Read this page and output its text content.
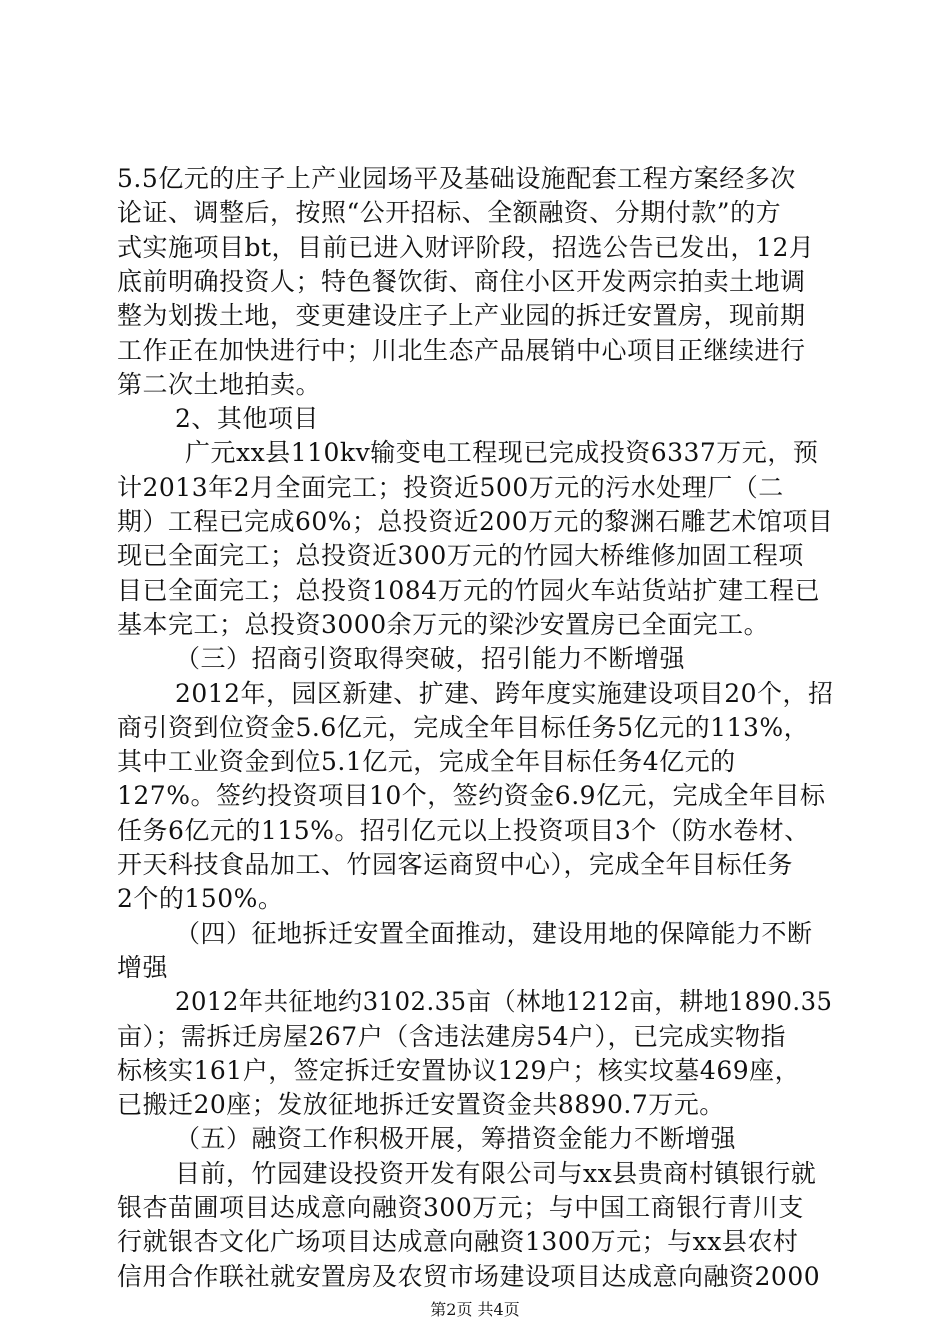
5.5亿元的庄子上产业园场平及基础设施配套工程方案经多次
论证、调整后，按照“公开招标、全额融资、分期付款”的方
式实施项目bt，目前已进入财评阶段，招选公告已发出，12月
底前明确投资人；特色餐饮街、商住小区开发两宗拍卖土地调
整为划拨土地，变更建设庄子上产业园的拆迁安置房，现前期
工作正在加快进行中；川北生态产品展销中心项目正继续进行
第二次土地拍卖。
2、其他项目
广元xx县110kv输变电工程现已完成投资6337万元，预
计2013年2月全面完工；投资近500万元的污水处理厂（二
期）工程已完成60%；总投资近200万元的黎渊石雕艺术馆项目
现已全面完工；总投资近300万元的竹园大桥维修加固工程项
目已全面完工；总投资1084万元的竹园火车站货站扩建工程已
基本完工；总投资3000余万元的梁沙安置房已全面完工。
（三）招商引资取得突破，招引能力不断增强
2012年，园区新建、扩建、跨年度实施建设项目20个，招
商引资到位资金5.6亿元，完成全年目标任务5亿元的113%，
其中工业资金到位5.1亿元，完成全年目标任务4亿元的
127%。签约投资项目10个，签约资金6.9亿元，完成全年目标
任务6亿元的115%。招引亿元以上投资项目3个（防水卷材、
开天科技食品加工、竹园客运商贸中心），完成全年目标任务
2个的150%。
（四）征地拆迁安置全面推动，建设用地的保障能力不断
增强
2012年共征地约3102.35亩（林地1212亩，耕地1890.35
亩）；需拆迁房屋267户（含违法建房54户），已完成实物指
标核实161户，签定拆迁安置协议129户；核实坟墓469座，
已搬迁20座；发放征地拆迁安置资金共8890.7万元。
（五）融资工作积极开展，筹措资金能力不断增强
目前，竹园建设投资开发有限公司与xx县贵商村镇银行就
银杏苗圃项目达成意向融资300万元；与中国工商银行青川支
行就银杏文化广场项目达成意向融资1300万元；与xx县农村
信用合作联社就安置房及农贸市场建设项目达成意向融资2000
第2页 共4页
